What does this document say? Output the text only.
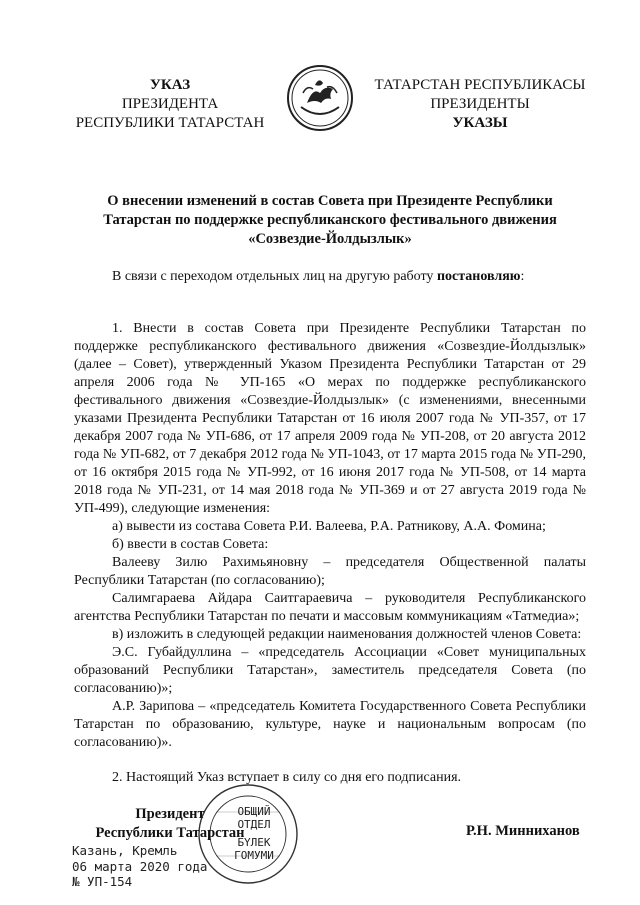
УКАЗ
ПРЕЗИДЕНТА
РЕСПУБЛИКИ ТАТАРСТАН
ТАТАРСТАН РЕСПУБЛИКАСЫ
ПРЕЗИДЕНТЫ
УКАЗЫ
О внесении изменений в состав Совета при Президенте Республики Татарстан по поддержке республиканского фестивального движения «Созвездие-Йолдызлык»

В связи с переходом отдельных лиц на другую работу постановляю:

1. Внести в состав Совета при Президенте Республики Татарстан по поддержке республиканского фестивального движения «Созвездие-Йолдызлык» (далее – Совет), утвержденный Указом Президента Республики Татарстан от 29 апреля 2006 года № УП-165 «О мерах по поддержке республиканского фестивального движения «Созвездие-Йолдызлык» (с изменениями, внесенными указами Президента Республики Татарстан от 16 июля 2007 года № УП-357, от 17 декабря 2007 года № УП-686, от 17 апреля 2009 года № УП-208, от 20 августа 2012 года № УП-682, от 7 декабря 2012 года № УП-1043, от 17 марта 2015 года № УП-290, от 16 октября 2015 года № УП-992, от 16 июня 2017 года № УП-508, от 14 марта 2018 года № УП-231, от 14 мая 2018 года № УП-369 и от 27 августа 2019 года № УП-499), следующие изменения:

а) вывести из состава Совета Р.И. Валеева, Р.А. Ратникову, А.А. Фомина;

б) ввести в состав Совета:

Валееву Зилю Рахимьяновну – председателя Общественной палаты Республики Татарстан (по согласованию);

Салимгараева Айдара Саитгараевича – руководителя Республиканского агентства Республики Татарстан по печати и массовым коммуникациям «Татмедиа»;

в) изложить в следующей редакции наименования должностей членов Совета:

Э.С. Губайдуллина – «председатель Ассоциации «Совет муниципальных образований Республики Татарстан», заместитель председателя Совета (по согласованию)»;

А.Р. Зарипова – «председатель Комитета Государственного Совета Республики Татарстан по образованию, культуре, науке и национальным вопросам (по согласованию)».

2. Настоящий Указ вступает в силу со дня его подписания.

ОБЩИЙ
ОТДЕЛ
БҮЛЕК
ГОМУМИ
Президент
Республики Татарстан	Р.Н. Минниханов
Казань, Кремль
06 марта 2020 года
№ УП-154
